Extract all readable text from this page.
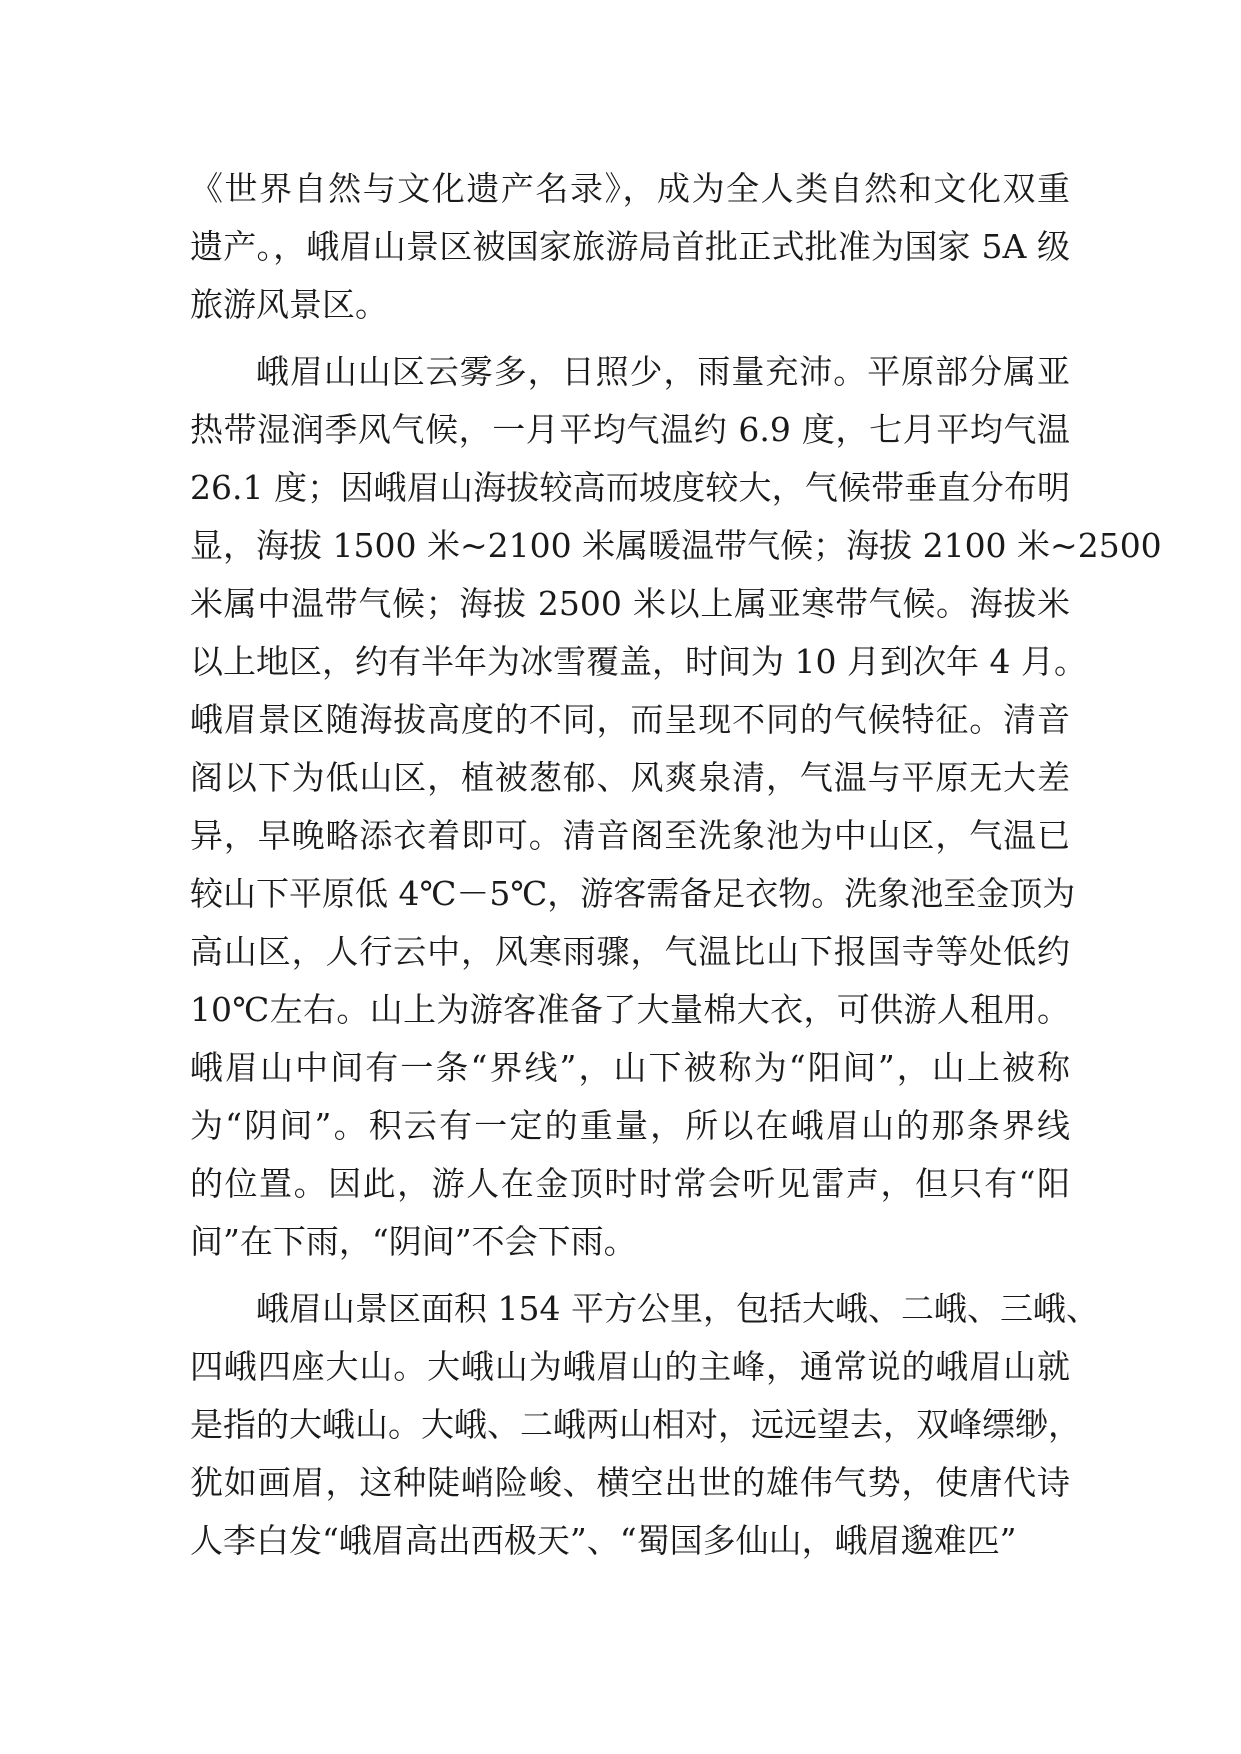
《世界自然与文化遗产名录》，成为全人类自然和文化双重
遗产。，峨眉山景区被国家旅游局首批正式批准为国家 5A 级
旅游风景区。
峨眉山山区云雾多，日照少，雨量充沛。平原部分属亚
热带湿润季风气候，一月平均气温约 6.9 度，七月平均气温
26.1 度；因峨眉山海拔较高而坡度较大，气候带垂直分布明
显，海拔 1500 米~2100 米属暖温带气候；海拔 2100 米~2500
米属中温带气候；海拔 2500 米以上属亚寒带气候。海拔米
以上地区，约有半年为冰雪覆盖，时间为 10 月到次年 4 月。
峨眉景区随海拔高度的不同，而呈现不同的气候特征。清音
阁以下为低山区，植被葱郁、风爽泉清，气温与平原无大差
异，早晚略添衣着即可。清音阁至洗象池为中山区，气温已
较山下平原低 4℃－5℃，游客需备足衣物。洗象池至金顶为
高山区，人行云中，风寒雨骤，气温比山下报国寺等处低约
10℃左右。山上为游客准备了大量棉大衣，可供游人租用。
峨眉山中间有一条“界线”，山下被称为“阳间”，山上被称
为“阴间”。积云有一定的重量，所以在峨眉山的那条界线
的位置。因此，游人在金顶时时常会听见雷声，但只有“阳
间”在下雨，“阴间”不会下雨。
峨眉山景区面积 154 平方公里，包括大峨、二峨、三峨、
四峨四座大山。大峨山为峨眉山的主峰，通常说的峨眉山就
是指的大峨山。大峨、二峨两山相对，远远望去，双峰缥缈，
犹如画眉，这种陡峭险峻、横空出世的雄伟气势，使唐代诗
人李白发“峨眉高出西极天”、“蜀国多仙山，峨眉邈难匹”
